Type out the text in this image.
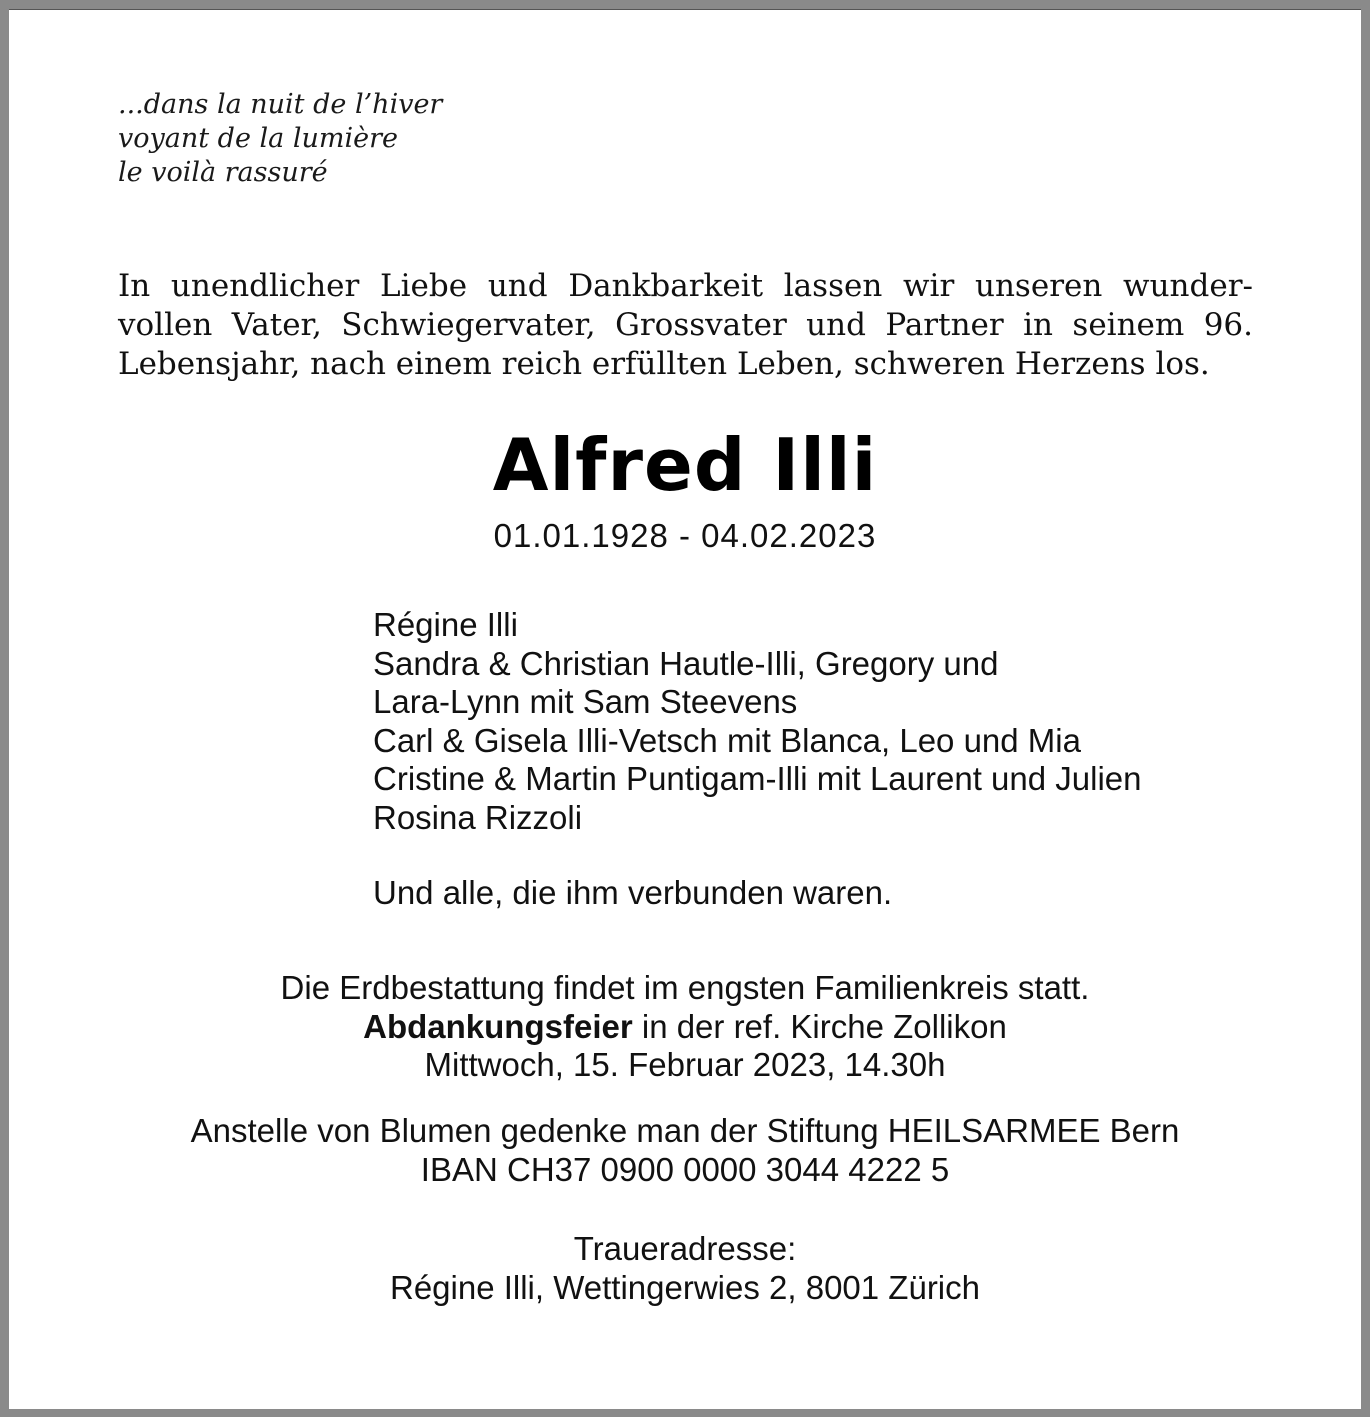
...dans la nuit de l’hiver
voyant de la lumière
le voilà rassuré
In unendlicher Liebe und Dankbarkeit lassen wir unseren wunder-
vollen Vater, Schwiegervater, Grossvater und Partner in seinem 96.
Lebensjahr, nach einem reich erfüllten Leben, schweren Herzens los.
Alfred Illi
01.01.1928 - 04.02.2023
Régine Illi
Sandra & Christian Hautle-Illi, Gregory und
Lara-Lynn mit Sam Steevens
Carl & Gisela Illi-Vetsch mit Blanca, Leo und Mia
Cristine & Martin Puntigam-Illi mit Laurent und Julien
Rosina Rizzoli
Und alle, die ihm verbunden waren.
Die Erdbestattung findet im engsten Familienkreis statt.
Abdankungsfeier in der ref. Kirche Zollikon
Mittwoch, 15. Februar 2023, 14.30h
Anstelle von Blumen gedenke man der Stiftung HEILSARMEE Bern
IBAN CH37 0900 0000 3044 4222 5
Traueradresse:
Régine Illi, Wettingerwies 2, 8001 Zürich
